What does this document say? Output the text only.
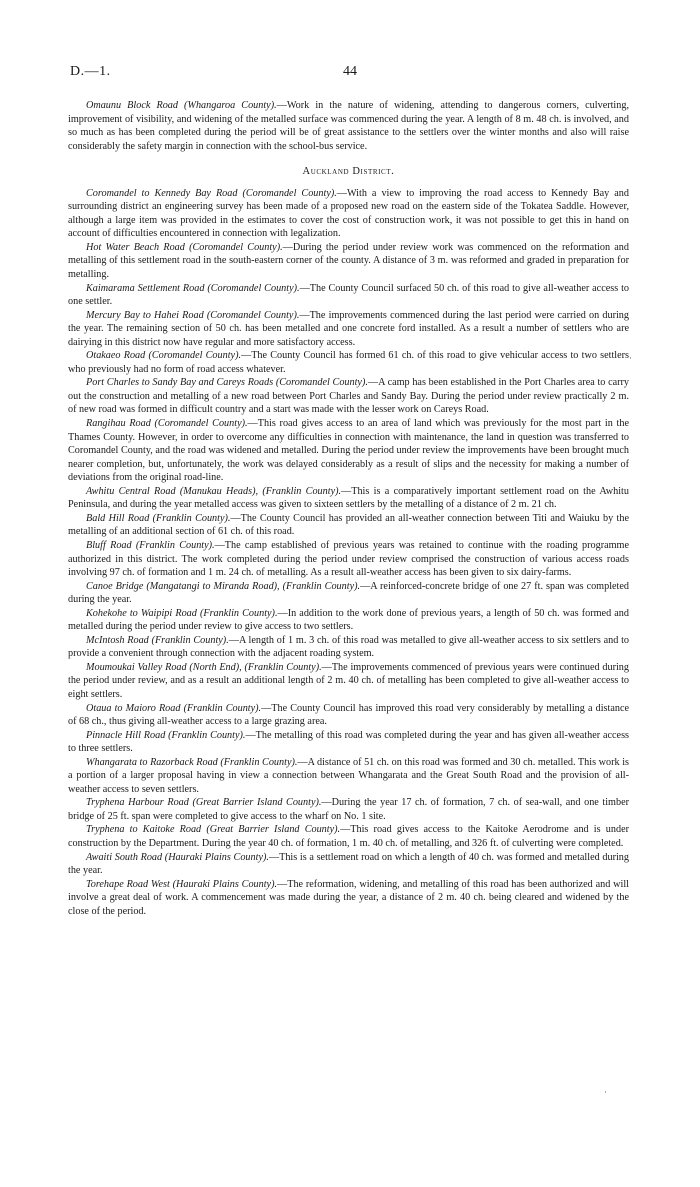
D.—1.	44

Omaunu Block Road (Whangaroa County).—Work in the nature of widening, attending to dangerous corners, culverting, improvement of visibility, and widening of the metalled surface was commenced during the year. A length of 8 m. 48 ch. is involved, and so much as has been completed during the period will be of great assistance to the settlers over the winter months and also will raise considerably the safety margin in connection with the school-bus service.

Auckland District.

Coromandel to Kennedy Bay Road (Coromandel County).—With a view to improving the road access to Kennedy Bay and surrounding district an engineering survey has been made of a proposed new road on the eastern side of the Tokatea Saddle. However, although a large item was provided in the estimates to cover the cost of construction work, it was not possible to get this in hand on account of difficulties encountered in connection with legalization.

Hot Water Beach Road (Coromandel County).—During the period under review work was commenced on the reformation and metalling of this settlement road in the south-eastern corner of the county. A distance of 3 m. was reformed and graded in preparation for metalling.

Kaimarama Settlement Road (Coromandel County).—The County Council surfaced 50 ch. of this road to give all-weather access to one settler.

Mercury Bay to Hahei Road (Coromandel County).—The improvements commenced during the last period were carried on during the year. The remaining section of 50 ch. has been metalled and one concrete ford installed. As a result a number of settlers who are dairying in this district now have regular and more satisfactory access.

Otakaeo Road (Coromandel County).—The County Council has formed 61 ch. of this road to give vehicular access to two settlers who previously had no form of road access whatever.

Port Charles to Sandy Bay and Careys Roads (Coromandel County).—A camp has been established in the Port Charles area to carry out the construction and metalling of a new road between Port Charles and Sandy Bay. During the period under review practically 2 m. of new road was formed in difficult country and a start was made with the lesser work on Careys Road.

Rangihau Road (Coromandel County).—This road gives access to an area of land which was previously for the most part in the Thames County. However, in order to overcome any difficulties in connection with maintenance, the land in question was transferred to Coromandel County, and the road was widened and metalled. During the period under review the improvements have been brought much nearer completion, but, unfortunately, the work was delayed considerably as a result of slips and the necessity for making a number of deviations from the original road-line.

Awhitu Central Road (Manukau Heads), (Franklin County).—This is a comparatively important settlement road on the Awhitu Peninsula, and during the year metalled access was given to sixteen settlers by the metalling of a distance of 2 m. 21 ch.

Bald Hill Road (Franklin County).—The County Council has provided an all-weather connection between Titi and Waiuku by the metalling of an additional section of 61 ch. of this road.

Bluff Road (Franklin County).—The camp established of previous years was retained to continue with the roading programme authorized in this district. The work completed during the period under review comprised the construction of various access roads involving 97 ch. of formation and 1 m. 24 ch. of metalling. As a result all-weather access has been given to six dairy-farms.

Canoe Bridge (Mangatangi to Miranda Road), (Franklin County).—A reinforced-concrete bridge of one 27 ft. span was completed during the year.

Kohekohe to Waipipi Road (Franklin County).—In addition to the work done of previous years, a length of 50 ch. was formed and metalled during the period under review to give access to two settlers.

McIntosh Road (Franklin County).—A length of 1 m. 3 ch. of this road was metalled to give all-weather access to six settlers and to provide a convenient through connection with the adjacent roading system.

Moumoukai Valley Road (North End), (Franklin County).—The improvements commenced of previous years were continued during the period under review, and as a result an additional length of 2 m. 40 ch. of metalling has been completed to give all-weather access to eight settlers.

Otaua to Maioro Road (Franklin County).—The County Council has improved this road very considerably by metalling a distance of 68 ch., thus giving all-weather access to a large grazing area.

Pinnacle Hill Road (Franklin County).—The metalling of this road was completed during the year and has given all-weather access to three settlers.

Whangarata to Razorback Road (Franklin County).—A distance of 51 ch. on this road was formed and 30 ch. metalled. This work is a portion of a larger proposal having in view a connection between Whangarata and the Great South Road and the provision of all-weather access to seven settlers.

Tryphena Harbour Road (Great Barrier Island County).—During the year 17 ch. of formation, 7 ch. of sea-wall, and one timber bridge of 25 ft. span were completed to give access to the wharf on No. 1 site.

Tryphena to Kaitoke Road (Great Barrier Island County).—This road gives access to the Kaitoke Aerodrome and is under construction by the Department. During the year 40 ch. of formation, 1 m. 40 ch. of metalling, and 326 ft. of culverting were completed.

Awaiti South Road (Hauraki Plains County).—This is a settlement road on which a length of 40 ch. was formed and metalled during the year.

Torehape Road West (Hauraki Plains County).—The reformation, widening, and metalling of this road has been authorized and will involve a great deal of work. A commencement was made during the year, a distance of 2 m. 40 ch. being cleared and widened by the close of the period.

·
·
